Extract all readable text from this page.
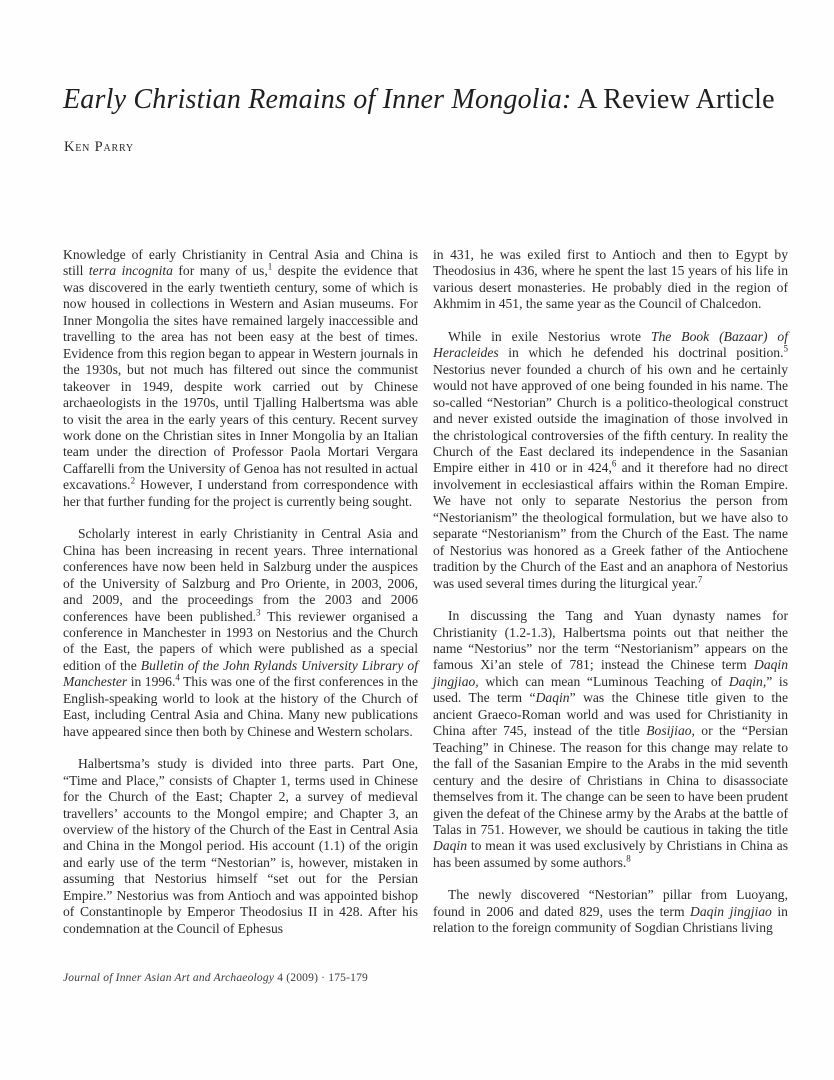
Early Christian Remains of Inner Mongolia: A Review Article
Ken Parry

Knowledge of early Christianity in Central Asia and China is still terra incognita for many of us,$^1$ despite the evidence that was discovered in the early twentieth century, some of which is now housed in collections in Western and Asian museums. For Inner Mongolia the sites have remained largely inaccessible and travelling to the area has not been easy at the best of times. Evidence from this region began to appear in Western journals in the 1930s, but not much has filtered out since the communist takeover in 1949, despite work carried out by Chinese archaeologists in the 1970s, until Tjalling Halbertsma was able to visit the area in the early years of this century. Recent survey work done on the Christian sites in Inner Mongolia by an Italian team under the direction of Professor Paola Mortari Vergara Caffarelli from the University of Genoa has not resulted in actual excavations.$^2$ However, I understand from correspondence with her that further funding for the project is currently being sought.

Scholarly interest in early Christianity in Central Asia and China has been increasing in recent years. Three international conferences have now been held in Salzburg under the auspices of the University of Salzburg and Pro Oriente, in 2003, 2006, and 2009, and the proceedings from the 2003 and 2006 conferences have been published.$^3$ This reviewer organised a conference in Manchester in 1993 on Nestorius and the Church of the East, the papers of which were published as a special edition of the Bulletin of the John Rylands University Library of Manchester in 1996.$^4$ This was one of the first conferences in the English-speaking world to look at the history of the Church of East, including Central Asia and China. Many new publications have appeared since then both by Chinese and Western scholars.

Halbertsma’s study is divided into three parts. Part One, “Time and Place,” consists of Chapter 1, terms used in Chinese for the Church of the East; Chapter 2, a survey of medieval travellers’ accounts to the Mongol empire; and Chapter 3, an overview of the history of the Church of the East in Central Asia and China in the Mongol period. His account (1.1) of the origin and early use of the term “Nestorian” is, however, mistaken in assuming that Nestorius himself “set out for the Persian Empire.” Nestorius was from Antioch and was appointed bishop of Constantinople by Emperor Theodosius II in 428. After his condemnation at the Council of Ephesus

in 431, he was exiled first to Antioch and then to Egypt by Theodosius in 436, where he spent the last 15 years of his life in various desert monasteries. He probably died in the region of Akhmim in 451, the same year as the Council of Chalcedon.

While in exile Nestorius wrote The Book (Bazaar) of Heracleides in which he defended his doctrinal position.$^5$ Nestorius never founded a church of his own and he certainly would not have approved of one being founded in his name. The so-called “Nestorian” Church is a politico-theological construct and never existed outside the imagination of those involved in the christological controversies of the fifth century. In reality the Church of the East declared its independence in the Sasanian Empire either in 410 or in 424,$^6$ and it therefore had no direct involvement in ecclesiastical affairs within the Roman Empire. We have not only to separate Nestorius the person from “Nestorianism” the theological formulation, but we have also to separate “Nestorianism” from the Church of the East. The name of Nestorius was honored as a Greek father of the Antiochene tradition by the Church of the East and an anaphora of Nestorius was used several times during the liturgical year.$^7$

In discussing the Tang and Yuan dynasty names for Christianity (1.2-1.3), Halbertsma points out that neither the name “Nestorius” nor the term “Nestorianism” appears on the famous Xi’an stele of 781; instead the Chinese term Daqin jingjiao, which can mean “Luminous Teaching of Daqin,” is used. The term “Daqin” was the Chinese title given to the ancient Graeco-Roman world and was used for Christianity in China after 745, instead of the title Bosijiao, or the “Persian Teaching” in Chinese. The reason for this change may relate to the fall of the Sasanian Empire to the Arabs in the mid seventh century and the desire of Christians in China to disassociate themselves from it. The change can be seen to have been prudent given the defeat of the Chinese army by the Arabs at the battle of Talas in 751. However, we should be cautious in taking the title Daqin to mean it was used exclusively by Christians in China as has been assumed by some authors.$^8$

The newly discovered “Nestorian” pillar from Luoyang, found in 2006 and dated 829, uses the term Daqin jingjiao in relation to the foreign community of Sogdian Christians living

Journal of Inner Asian Art and Archaeology 4 (2009) · 175-179
